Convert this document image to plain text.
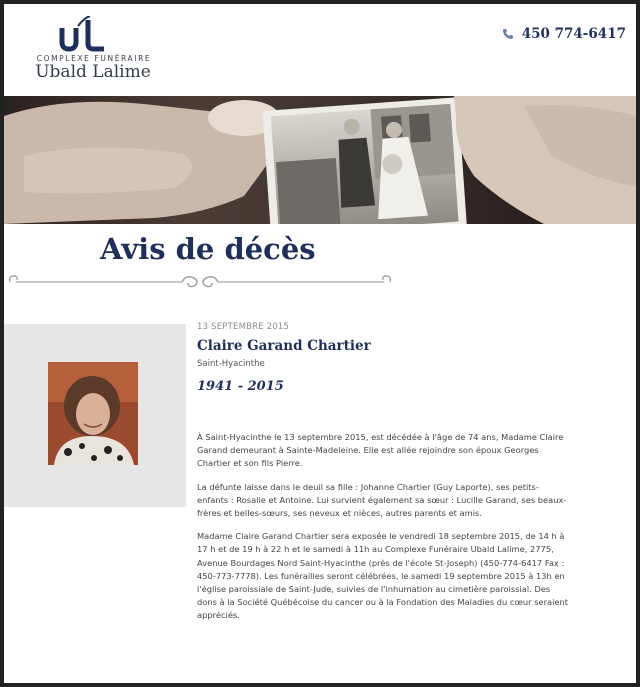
COMPLEXE FUNÉRAIRE
Ubald Lalime
450 774-6417
Avis de décès
13 SEPTEMBRE 2015
Claire Garand Chartier
Saint-Hyacinthe
1941 - 2015

À Saint-Hyacinthe le 13 septembre 2015, est décédée à l'âge de 74 ans, Madame Claire Garand demeurant à Sainte-Madeleine. Elle est allée rejoindre son époux Georges Chartier et son fils Pierre.

La défunte laisse dans le deuil sa fille : Johanne Chartier (Guy Laporte), ses petits-enfants : Rosalie et Antoine. Lui survient également sa sœur : Lucille Garand, ses beaux-frères et belles-sœurs, ses neveux et nièces, autres parents et amis.

Madame Claire Garand Chartier sera exposée le vendredi 18 septembre 2015, de 14 h à 17 h et de 19 h à 22 h et le samedi à 11h au Complexe Funéraire Ubald Lalime, 2775, Avenue Bourdages Nord Saint-Hyacinthe (près de l'école St-Joseph) (450-774-6417 Fax : 450-773-7778). Les funérailles seront célébrées, le samedi 19 septembre 2015 à 13h en l'église paroissiale de Saint-Jude, suivies de l'inhumation au cimetière paroissial. Des dons à la Société Québécoise du cancer ou à la Fondation des Maladies du cœur seraient appréciés.
